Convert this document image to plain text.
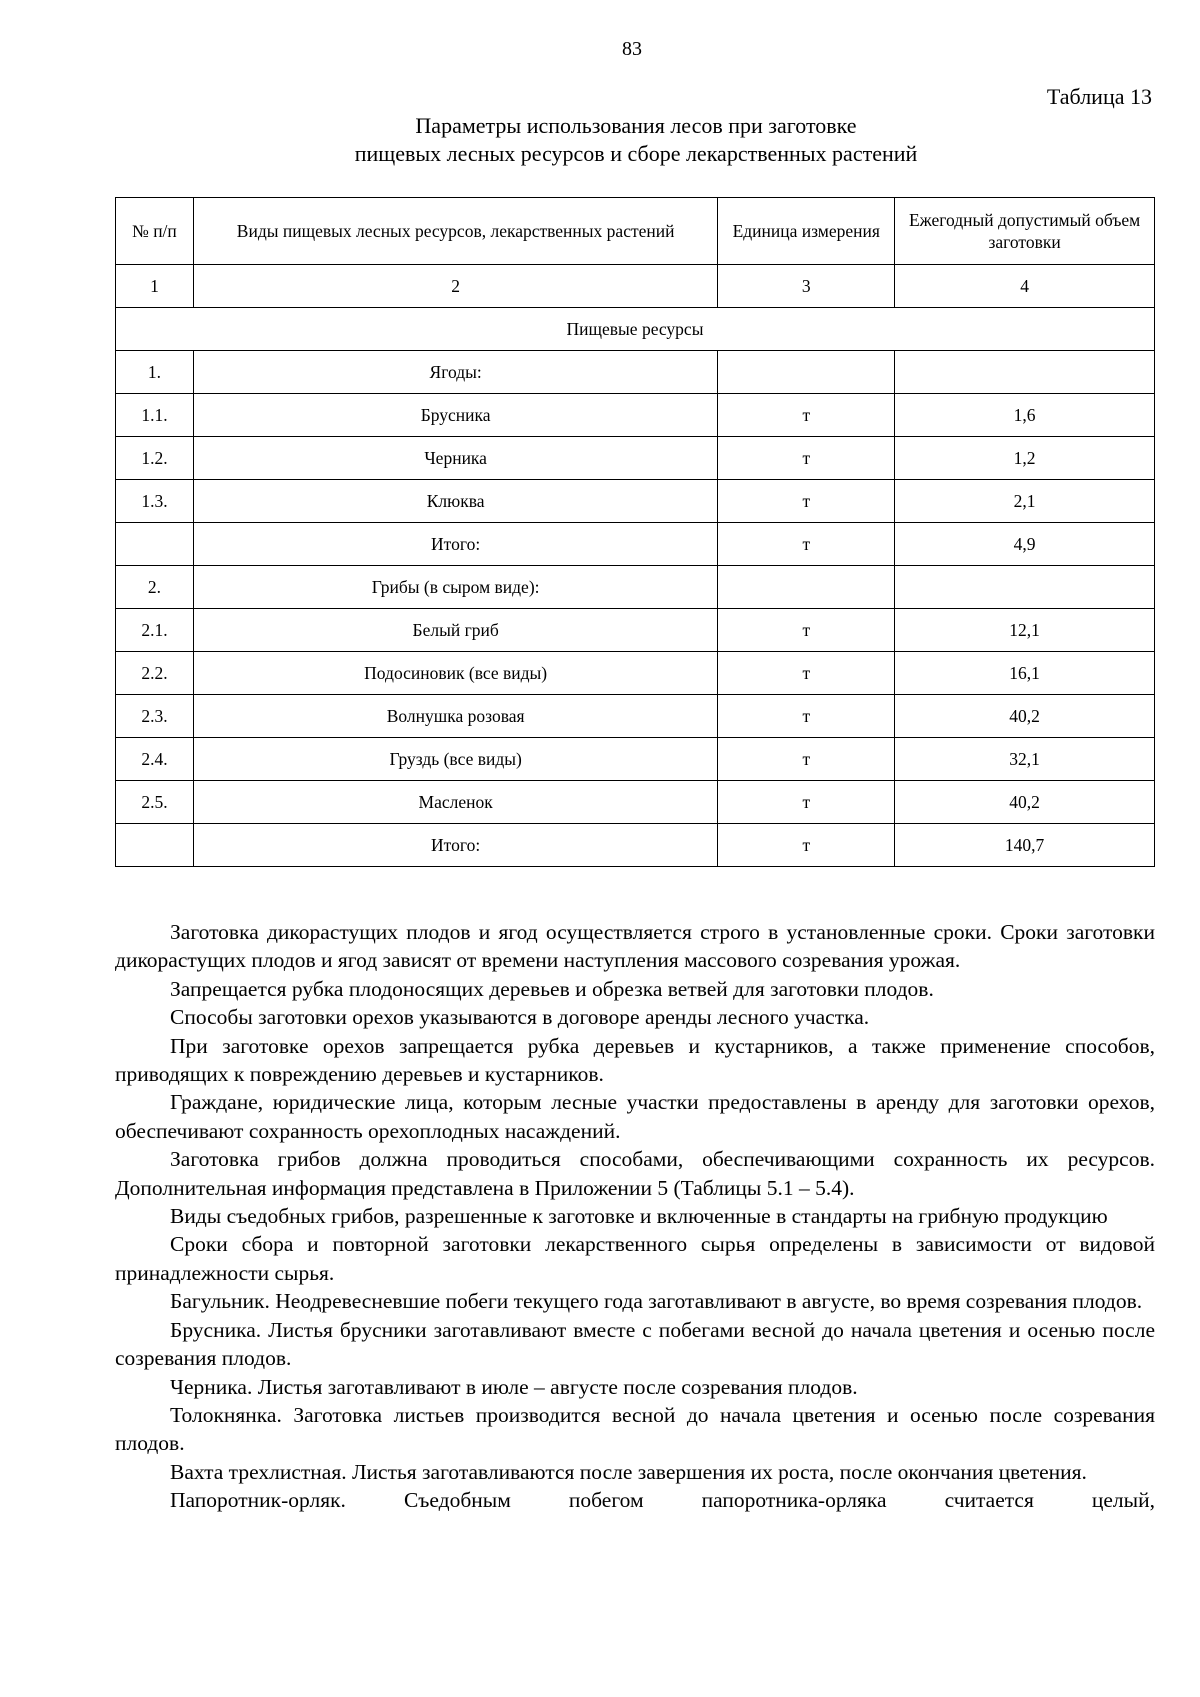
83
Таблица 13
Параметры использования лесов при заготовке
пищевых лесных ресурсов и сборе лекарственных растений
№ п/п	Виды пищевых лесных ресурсов, лекарственных растений	Единица измерения	Ежегодный допустимый объем заготовки
1	2	3	4
Пищевые ресурсы			
1.	Ягоды:		
1.1.	Брусника	т	1,6
1.2.	Черника	т	1,2
1.3.	Клюква	т	2,1
	Итого:	т	4,9
2.	Грибы (в сыром виде):		
2.1.	Белый гриб	т	12,1
2.2.	Подосиновик (все виды)	т	16,1
2.3.	Волнушка розовая	т	40,2
2.4.	Груздь (все виды)	т	32,1
2.5.	Масленок	т	40,2
	Итого:	т	140,7

Заготовка дикорастущих плодов и ягод осуществляется строго в установленные сроки. Сроки заготовки дикорастущих плодов и ягод зависят от времени наступления массового созревания урожая.

Запрещается рубка плодоносящих деревьев и обрезка ветвей для заготовки плодов.

Способы заготовки орехов указываются в договоре аренды лесного участка.

При заготовке орехов запрещается рубка деревьев и кустарников, а также применение способов, приводящих к повреждению деревьев и кустарников.

Граждане, юридические лица, которым лесные участки предоставлены в аренду для заготовки орехов, обеспечивают сохранность орехоплодных насаждений.

Заготовка грибов должна проводиться способами, обеспечивающими сохранность их ресурсов. Дополнительная информация представлена в Приложении 5 (Таблицы 5.1 – 5.4).

Виды съедобных грибов, разрешенные к заготовке и включенные в стандарты на грибную продукцию

Сроки сбора и повторной заготовки лекарственного сырья определены в зависимости от видовой принадлежности сырья.

Багульник. Неодревесневшие побеги текущего года заготавливают в августе, во время созревания плодов.

Брусника. Листья брусники заготавливают вместе с побегами весной до начала цветения и осенью после созревания плодов.

Черника. Листья заготавливают в июле – августе после созревания плодов.

Толокнянка. Заготовка листьев производится весной до начала цветения и осенью после созревания плодов.

Вахта трехлистная. Листья заготавливаются после завершения их роста, после окончания цветения.

Папоротник-орляк. Съедобным побегом папоротника-орляка считается целый,
